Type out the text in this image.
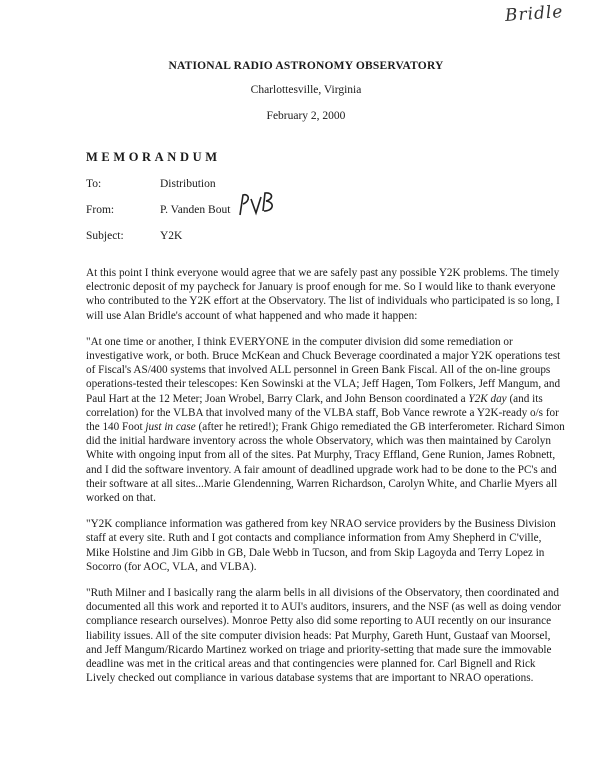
Bridle
NATIONAL RADIO ASTRONOMY OBSERVATORY
Charlottesville, Virginia
February 2, 2000
MEMORANDUM
To:	Distribution
From:	P. Vanden Bout
Subject:	Y2K

At this point I think everyone would agree that we are safely past any possible Y2K problems. The timely electronic deposit of my paycheck for January is proof enough for me. So I would like to thank everyone who contributed to the Y2K effort at the Observatory. The list of individuals who participated is so long, I will use Alan Bridle's account of what happened and who made it happen:

"At one time or another, I think EVERYONE in the computer division did some remediation or investigative work, or both. Bruce McKean and Chuck Beverage coordinated a major Y2K operations test of Fiscal's AS/400 systems that involved ALL personnel in Green Bank Fiscal. All of the on-line groups operations-tested their telescopes: Ken Sowinski at the VLA; Jeff Hagen, Tom Folkers, Jeff Mangum, and Paul Hart at the 12 Meter; Joan Wrobel, Barry Clark, and John Benson coordinated a Y2K day (and its correlation) for the VLBA that involved many of the VLBA staff, Bob Vance rewrote a Y2K-ready o/s for the 140 Foot just in case (after he retired!); Frank Ghigo remediated the GB interferometer. Richard Simon did the initial hardware inventory across the whole Observatory, which was then maintained by Carolyn White with ongoing input from all of the sites. Pat Murphy, Tracy Effland, Gene Runion, James Robnett, and I did the software inventory. A fair amount of deadlined upgrade work had to be done to the PC's and their software at all sites...Marie Glendenning, Warren Richardson, Carolyn White, and Charlie Myers all worked on that.

"Y2K compliance information was gathered from key NRAO service providers by the Business Division staff at every site. Ruth and I got contacts and compliance information from Amy Shepherd in C'ville, Mike Holstine and Jim Gibb in GB, Dale Webb in Tucson, and from Skip Lagoyda and Terry Lopez in Socorro (for AOC, VLA, and VLBA).

"Ruth Milner and I basically rang the alarm bells in all divisions of the Observatory, then coordinated and documented all this work and reported it to AUI's auditors, insurers, and the NSF (as well as doing vendor compliance research ourselves). Monroe Petty also did some reporting to AUI recently on our insurance liability issues. All of the site computer division heads: Pat Murphy, Gareth Hunt, Gustaaf van Moorsel, and Jeff Mangum/Ricardo Martinez worked on triage and priority-setting that made sure the immovable deadline was met in the critical areas and that contingencies were planned for. Carl Bignell and Rick Lively checked out compliance in various database systems that are important to NRAO operations.
